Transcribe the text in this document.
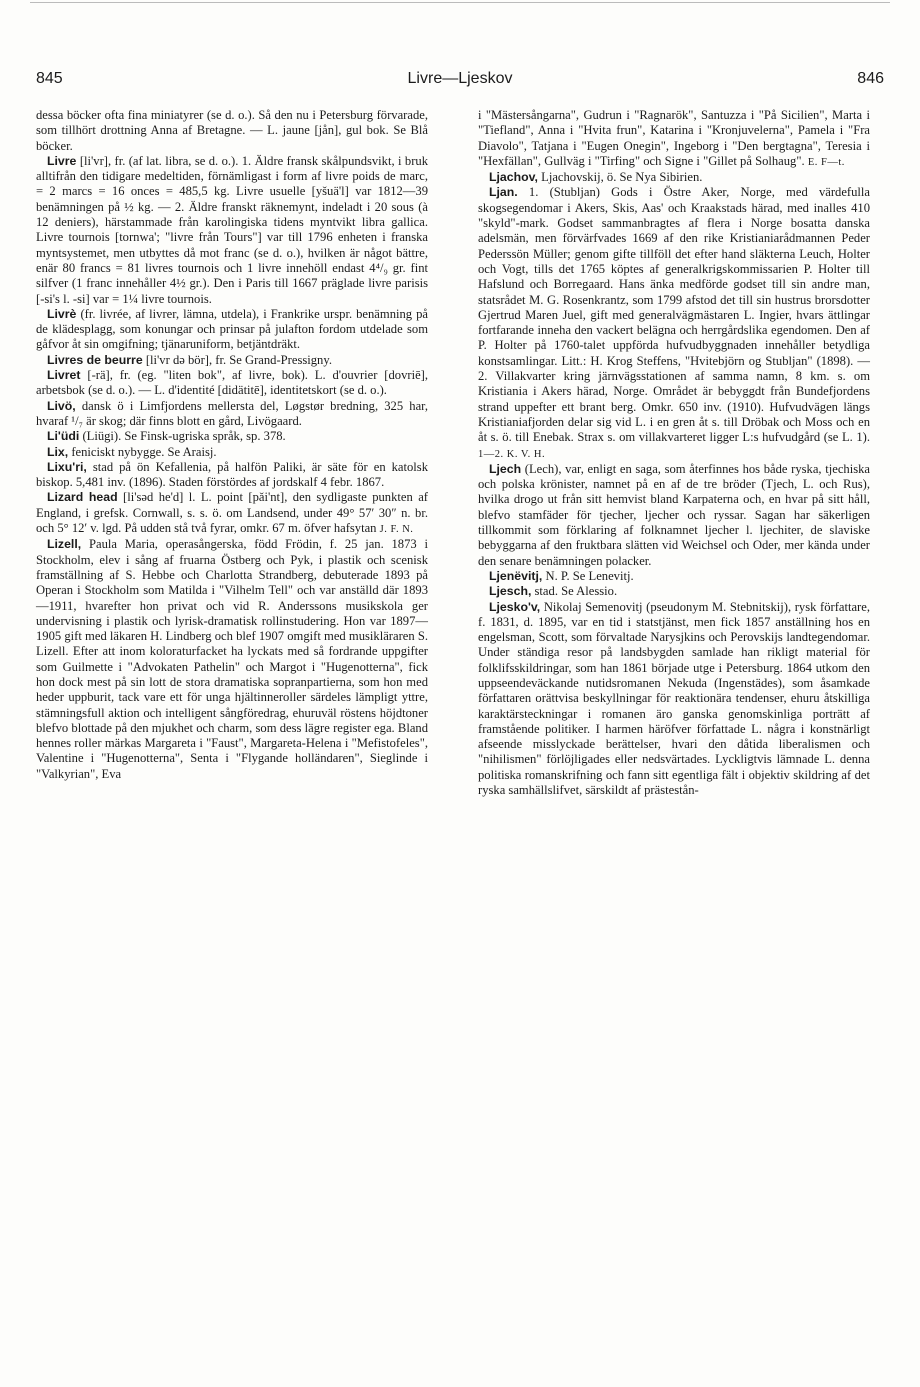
845	Livre—Ljeskov	846

dessa böcker ofta fina miniatyrer (se d. o.). Så den nu i Petersburg förvarade, som tillhört drottning Anna af Bretagne. — L. jaune [jån], gul bok. Se Blå böcker.

Livre [li'vr], fr. (af lat. libra, se d. o.). 1. Äldre fransk skålpundsvikt, i bruk alltifrån den tidigare medeltiden, förnämligast i form af livre poids de marc, = 2 marcs = 16 onces = 485,5 kg. Livre usuelle [yšuä'l] var 1812—39 benämningen på ½ kg. — 2. Äldre franskt räknemynt, indeladt i 20 sous (à 12 deniers), härstammade från karolingiska tidens myntvikt libra gallica. Livre tournois [tornwa'; "livre från Tours"] var till 1796 enheten i franska myntsystemet, men utbyttes då mot franc (se d. o.), hvilken är något bättre, enär 80 francs = 81 livres tournois och 1 livre innehöll endast 4⁴/₉ gr. fint silfver (1 franc innehåller 4½ gr.). Den i Paris till 1667 präglade livre parisis [-si's l. -si] var = 1¼ livre tournois.

Livrè (fr. livrée, af livrer, lämna, utdela), i Frankrike urspr. benämning på de klädesplagg, som konungar och prinsar på julafton fordom utdelade som gåfvor åt sin omgifning; tjänaruniform, betjäntdräkt.

Livres de beurre [li'vr də bör], fr. Se Grand-Pressigny.

Livret [-rä], fr. (eg. "liten bok", af livre, bok). L. d'ouvrier [dovriē], arbetsbok (se d. o.). — L. d'identité [didätitē], identitetskort (se d. o.).

Livö, dansk ö i Limfjordens mellersta del, Løgstør bredning, 325 har, hvaraf ¹/₇ är skog; där finns blott en gård, Livögaard.

Li'üdi (Liügi). Se Finsk-ugriska språk, sp. 378.

Lix, feniciskt nybygge. Se Araisj.

Lixu'ri, stad på ön Kefallenia, på halfön Paliki, är säte för en katolsk biskop. 5,481 inv. (1896). Staden förstördes af jordskalf 4 febr. 1867.

Lizard head [li'səd he'd] l. L. point [pǎi'nt], den sydligaste punkten af England, i grefsk. Cornwall, s. s. ö. om Landsend, under 49° 57′ 30″ n. br. och 5° 12′ v. lgd. På udden stå två fyrar, omkr. 67 m. öfver hafsytan J. F. N.

Lizell, Paula Maria, operasångerska, född Frödin, f. 25 jan. 1873 i Stockholm, elev i sång af fruarna Östberg och Pyk, i plastik och scenisk framställning af S. Hebbe och Charlotta Strandberg, debuterade 1893 på Operan i Stockholm som Matilda i "Vilhelm Tell" och var anställd där 1893—1911, hvarefter hon privat och vid R. Anderssons musikskola ger undervisning i plastik och lyrisk-dramatisk rollinstudering. Hon var 1897—1905 gift med läkaren H. Lindberg och blef 1907 omgift med musikläraren S. Lizell. Efter att inom koloraturfacket ha lyckats med så fordrande uppgifter som Guilmette i "Advokaten Pathelin" och Margot i "Hugenotterna", fick hon dock mest på sin lott de stora dramatiska sopranpartierna, som hon med heder uppburit, tack vare ett för unga hjältinneroller särdeles lämpligt yttre, stämningsfull aktion och intelligent sångföredrag, ehuruväl röstens höjdtoner blefvo blottade på den mjukhet och charm, som dess lägre register ega. Bland hennes roller märkas Margareta i "Faust", Margareta-Helena i "Mefistofeles", Valentine i "Hugenotterna", Senta i "Flygande holländaren", Sieglinde i "Valkyrian", Eva

i "Mästersångarna", Gudrun i "Ragnarök", Santuzza i "På Sicilien", Marta i "Tiefland", Anna i "Hvita frun", Katarina i "Kronjuvelerna", Pamela i "Fra Diavolo", Tatjana i "Eugen Onegin", Ingeborg i "Den bergtagna", Teresia i "Hexfällan", Gullväg i "Tirfing" och Signe i "Gillet på Solhaug". E. F—t.

Ljachov, Ljachovskij, ö. Se Nya Sibirien.

Ljan. 1. (Stubljan) Gods i Östre Aker, Norge, med värdefulla skogsegendomar i Akers, Skis, Aas' och Kraakstads härad, med inalles 410 "skyld"-mark. Godset sammanbragtes af flera i Norge bosatta danska adelsmän, men förvärfvades 1669 af den rike Kristianiarådmannen Peder Pederssön Müller; genom gifte tillföll det efter hand släkterna Leuch, Holter och Vogt, tills det 1765 köptes af generalkrigskommissarien P. Holter till Hafslund och Borregaard. Hans änka medförde godset till sin andre man, statsrådet M. G. Rosenkrantz, som 1799 afstod det till sin hustrus brorsdotter Gjertrud Maren Juel, gift med generalvägmästaren L. Ingier, hvars ättlingar fortfarande inneha den vackert belägna och herrgårdslika egendomen. Den af P. Holter på 1760-talet uppförda hufvudbyggnaden innehåller betydliga konstsamlingar. Litt.: H. Krog Steffens, "Hvitebjörn og Stubljan" (1898). — 2. Villakvarter kring järnvägsstationen af samma namn, 8 km. s. om Kristiania i Akers härad, Norge. Området är bebyggdt från Bundefjordens strand uppefter ett brant berg. Omkr. 650 inv. (1910). Hufvudvägen längs Kristianiafjorden delar sig vid L. i en gren åt s. till Dröbak och Moss och en åt s. ö. till Enebak. Strax s. om villakvarteret ligger L:s hufvudgård (se L. 1). 1—2. K. V. H.

Ljech (Lech), var, enligt en saga, som återfinnes hos både ryska, tjechiska och polska krönister, namnet på en af de tre bröder (Tjech, L. och Rus), hvilka drogo ut från sitt hemvist bland Karpaterna och, en hvar på sitt håll, blefvo stamfäder för tjecher, ljecher och ryssar. Sagan har säkerligen tillkommit som förklaring af folknamnet ljecher l. ljechiter, de slaviske bebyggarna af den fruktbara slätten vid Weichsel och Oder, mer kända under den senare benämningen polacker.

Ljenëvitj, N. P. Se Lenevitj.

Ljesch, stad. Se Alessio.

Ljesko'v, Nikolaj Semenovitj (pseudonym M. Stebnitskij), rysk författare, f. 1831, d. 1895, var en tid i statstjänst, men fick 1857 anställning hos en engelsman, Scott, som förvaltade Narysjkins och Perovskijs landtegendomar. Under ständiga resor på landsbygden samlade han rikligt material för folklifsskildringar, som han 1861 började utge i Petersburg. 1864 utkom den uppseendeväckande nutidsromanen Nekuda (Ingenstädes), som åsamkade författaren orättvisa beskyllningar för reaktionära tendenser, ehuru åtskilliga karaktärsteckningar i romanen äro ganska genomskinliga porträtt af framstående politiker. I harmen häröfver författade L. några i konstnärligt afseende misslyckade berättelser, hvari den dåtida liberalismen och "nihilismen" förlöjligades eller nedsvärtades. Lyckligtvis lämnade L. denna politiska romanskrifning och fann sitt egentliga fält i objektiv skildring af det ryska samhällslifvet, särskildt af prästestån-
